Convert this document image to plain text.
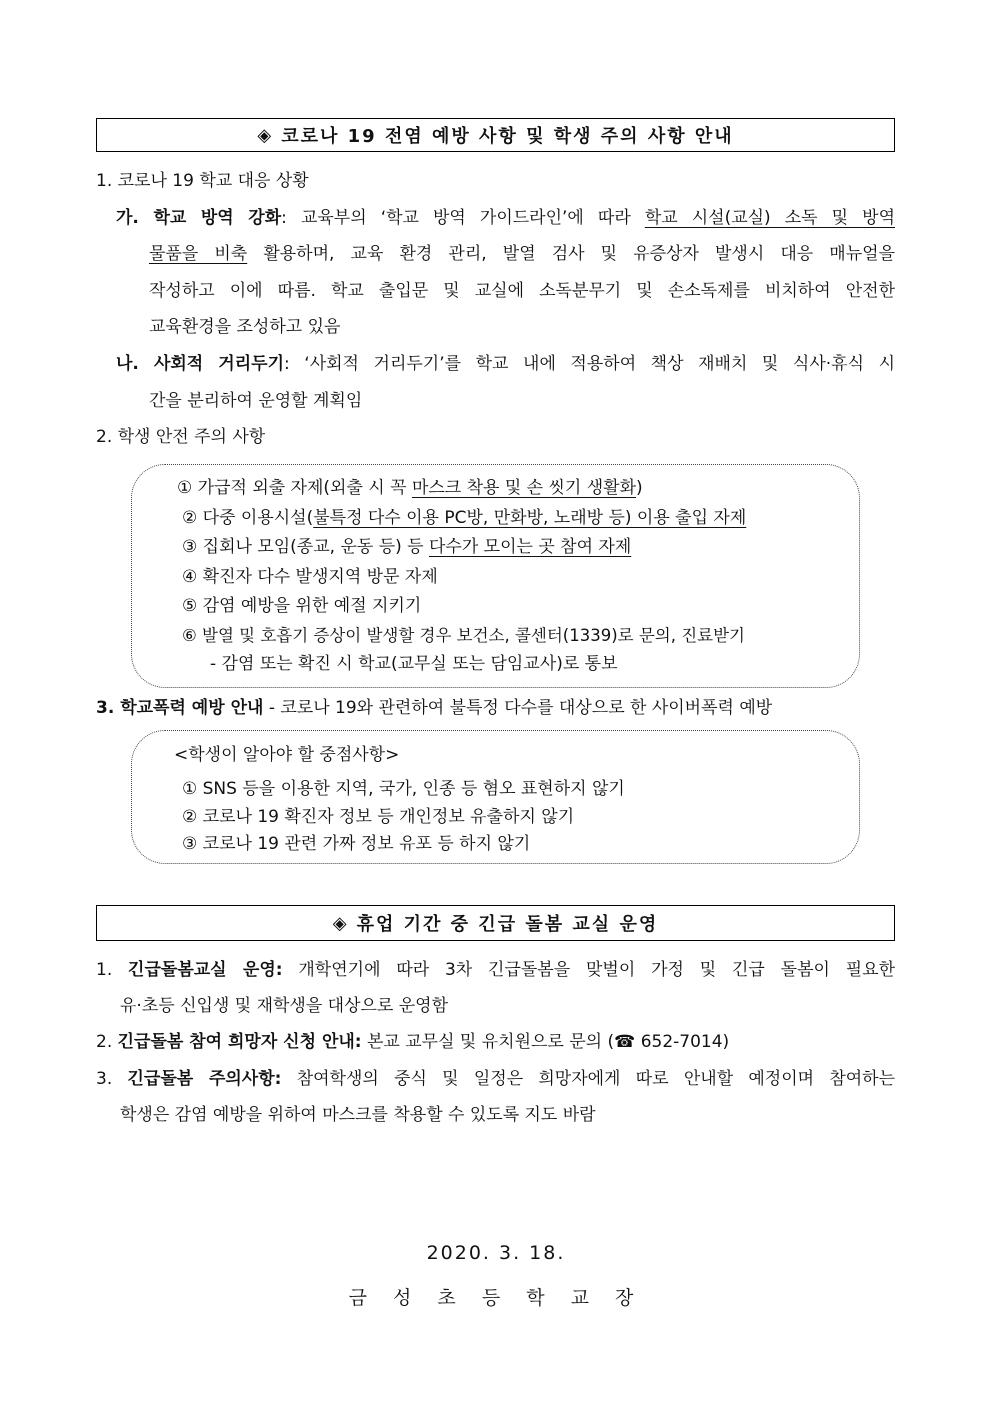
◈ 코로나 19 전염 예방 사항 및 학생 주의 사항 안내
1. 코로나 19 학교 대응 상황
가. 학교 방역 강화: 교육부의 ‘학교 방역 가이드라인’에 따라 학교 시설(교실) 소독 및 방역
물품을 비축 활용하며, 교육 환경 관리, 발열 검사 및 유증상자 발생시 대응 매뉴얼을
작성하고 이에 따름. 학교 출입문 및 교실에 소독분무기 및 손소독제를 비치하여 안전한
교육환경을 조성하고 있음
나. 사회적 거리두기: ‘사회적 거리두기’를 학교 내에 적용하여 책상 재배치 및 식사·휴식 시
간을 분리하여 운영할 계획임
2. 학생 안전 주의 사항
① 가급적 외출 자제(외출 시 꼭 마스크 착용 및 손 씻기 생활화)
② 다중 이용시설(불특정 다수 이용 PC방, 만화방, 노래방 등) 이용 출입 자제
③ 집회나 모임(종교, 운동 등) 등 다수가 모이는 곳 참여 자제
④ 확진자 다수 발생지역 방문 자제
⑤ 감염 예방을 위한 예절 지키기
⑥ 발열 및 호흡기 증상이 발생할 경우 보건소, 콜센터(1339)로 문의, 진료받기
- 감염 또는 확진 시 학교(교무실 또는 담임교사)로 통보
3. 학교폭력 예방 안내 - 코로나 19와 관련하여 불특정 다수를 대상으로 한 사이버폭력 예방
<학생이 알아야 할 중점사항>
① SNS 등을 이용한 지역, 국가, 인종 등 혐오 표현하지 않기
② 코로나 19 확진자 정보 등 개인정보 유출하지 않기
③ 코로나 19 관련 가짜 정보 유포 등 하지 않기
◈ 휴업 기간 중 긴급 돌봄 교실 운영
1. 긴급돌봄교실 운영: 개학연기에 따라 3차 긴급돌봄을 맞벌이 가정 및 긴급 돌봄이 필요한
유·초등 신입생 및 재학생을 대상으로 운영함
2. 긴급돌봄 참여 희망자 신청 안내: 본교 교무실 및 유치원으로 문의 (☎ 652-7014)
3. 긴급돌봄 주의사항: 참여학생의 중식 및 일정은 희망자에게 따로 안내할 예정이며 참여하는
학생은 감염 예방을 위하여 마스크를 착용할 수 있도록 지도 바람
2020. 3. 18.
금 성 초 등 학 교 장
